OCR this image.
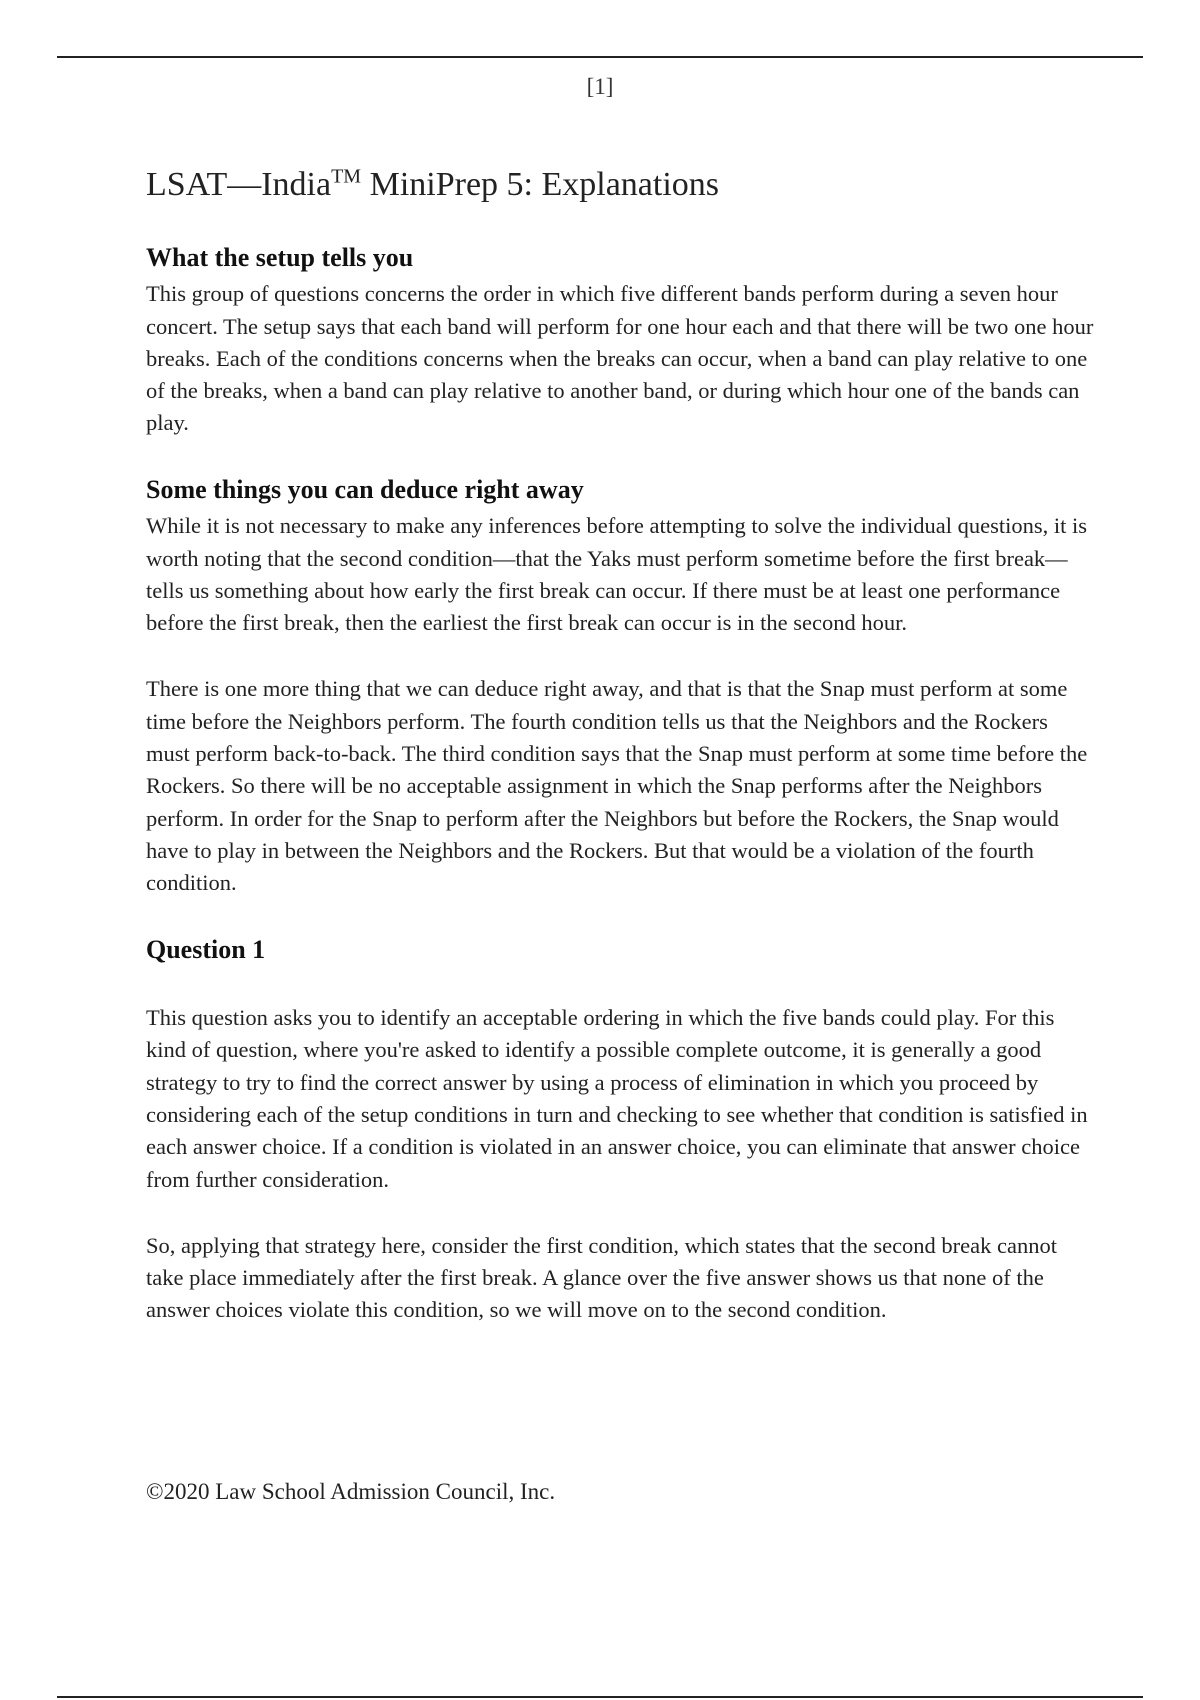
[1]
LSAT—India™ MiniPrep 5: Explanations
What the setup tells you

This group of questions concerns the order in which five different bands perform during a seven hour concert. The setup says that each band will perform for one hour each and that there will be two one hour breaks. Each of the conditions concerns when the breaks can occur, when a band can play relative to one of the breaks, when a band can play relative to another band, or during which hour one of the bands can play.

Some things you can deduce right away

While it is not necessary to make any inferences before attempting to solve the individual questions, it is worth noting that the second condition—that the Yaks must perform sometime before the first break—tells us something about how early the first break can occur. If there must be at least one performance before the first break, then the earliest the first break can occur is in the second hour.

There is one more thing that we can deduce right away, and that is that the Snap must perform at some time before the Neighbors perform. The fourth condition tells us that the Neighbors and the Rockers must perform back-to-back. The third condition says that the Snap must perform at some time before the Rockers. So there will be no acceptable assignment in which the Snap performs after the Neighbors perform. In order for the Snap to perform after the Neighbors but before the Rockers, the Snap would have to play in between the Neighbors and the Rockers. But that would be a violation of the fourth condition.

Question 1

This question asks you to identify an acceptable ordering in which the five bands could play. For this kind of question, where you're asked to identify a possible complete outcome, it is generally a good strategy to try to find the correct answer by using a process of elimination in which you proceed by considering each of the setup conditions in turn and checking to see whether that condition is satisfied in each answer choice. If a condition is violated in an answer choice, you can eliminate that answer choice from further consideration.

So, applying that strategy here, consider the first condition, which states that the second break cannot take place immediately after the first break. A glance over the five answer shows us that none of the answer choices violate this condition, so we will move on to the second condition.

©2020 Law School Admission Council, Inc.
